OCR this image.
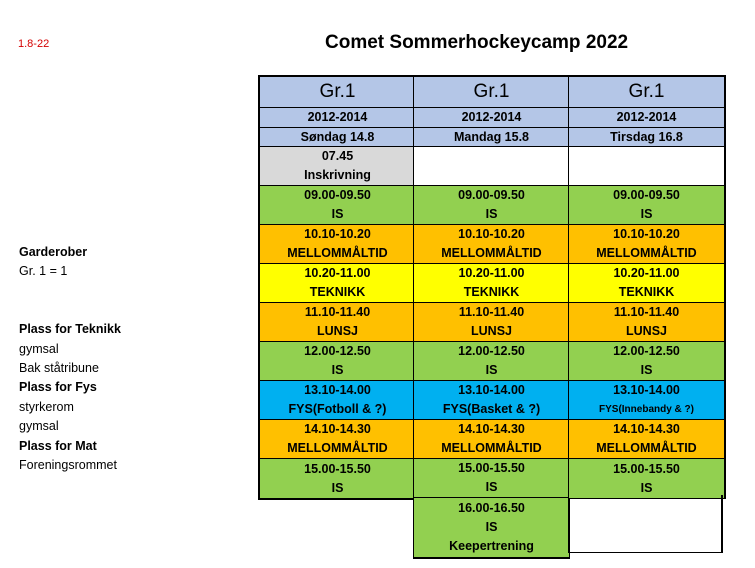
1.8-22	Comet Sommerhockeycamp 2022
Garderober
Gr. 1 = 1
Plass for Teknikk
gymsal
Bak ståtribune
Plass for Fys
styrkerom
gymsal
Plass for Mat
Foreningsrommet
Gr.1
2012-2014
Søndag 14.8
07.45
Inskrivning
09.00-09.50
IS
10.10-10.20
MELLOMMÅLTID
10.20-11.00
TEKNIKK
11.10-11.40
LUNSJ
12.00-12.50
IS
13.10-14.00
FYS(Fotboll & ?)
14.10-14.30
MELLOMMÅLTID
15.00-15.50
IS
Gr.1
2012-2014
Mandag 15.8
09.00-09.50
IS
10.10-10.20
MELLOMMÅLTID
10.20-11.00
TEKNIKK
11.10-11.40
LUNSJ
12.00-12.50
IS
13.10-14.00
FYS(Basket & ?)
14.10-14.30
MELLOMMÅLTID
15.00-15.50
IS
16.00-16.50
IS
Keepertrening
Gr.1
2012-2014
Tirsdag 16.8
09.00-09.50
IS
10.10-10.20
MELLOMMÅLTID
10.20-11.00
TEKNIKK
11.10-11.40
LUNSJ
12.00-12.50
IS
13.10-14.00
FYS(Innebandy & ?)
14.10-14.30
MELLOMMÅLTID
15.00-15.50
IS
